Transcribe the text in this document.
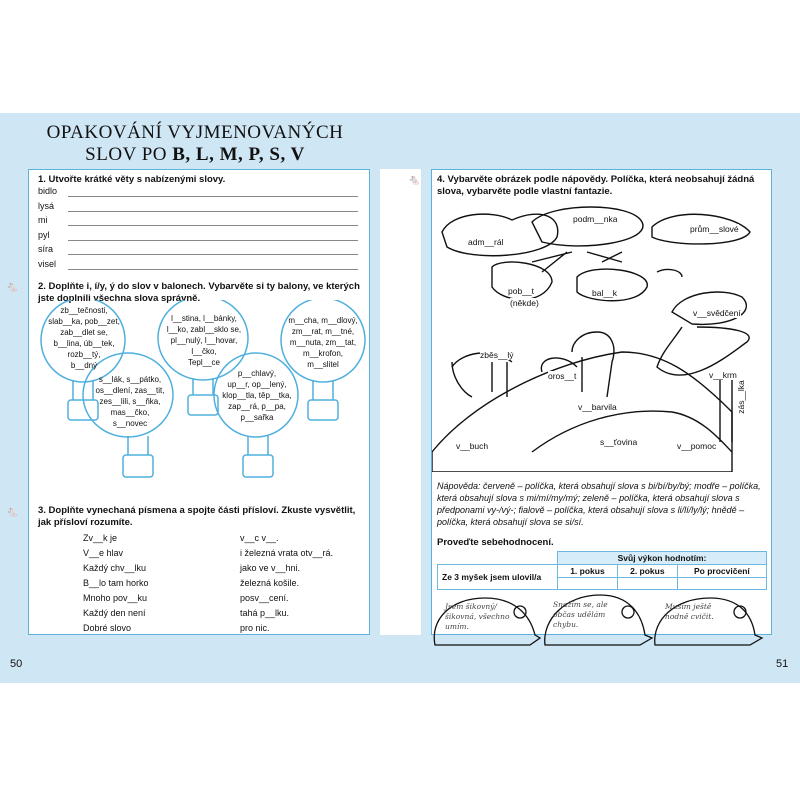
OPAKOVÁNÍ VYJMENOVANÝCH
SLOV PO B, L, M, P, S, V
1. Utvořte krátké věty s nabízenými slovy.
bidlo
lysá
mi
pyl
síra
visel
🐁 2. Doplňte i, í/y, ý do slov v balonech. Vybarvěte si ty balony, ve kterých jste doplnili všechna slova správně.
zb__tečnosti,
slab__ka, pob__zet,
zab__dlet se,
b__lina, úb__tek,
rozb__tý,
b__dný
l__stina, l__bánky,
l__ko, zabl__sklo se,
pl__nulý, l__hovar,
l__čko,
Tepl__ce
m__cha, m__dlový,
zm__rat, m__tné,
m__nuta, zm__tat,
m__krofon,
m__slitel
s__lák, s__pátko,
os__dlení, zas__tit,
zes__lili, s__ňka,
mas__čko,
s__novec
p__chlavý,
up__r, op__lený,
klop__tla, těp__tka,
zap__rá, p__pa,
p__sařka
🐁 3. Doplňte vynechaná písmena a spojte části přísloví. Zkuste vysvětlit, jak přísloví rozumíte.
Zv__k je
V__e hlav
Každý chv__lku
B__lo tam horko
Mnoho pov__ku
Každý den není
Dobré slovo
v__c v__.
i železná vrata otv__rá.
jako ve v__hni.
železná košile.
posv__cení.
tahá p__lku.
pro nic.
🐁 4. Vybarvěte obrázek podle nápovědy. Políčka, která neobsahují žádná slova, vybarvěte podle vlastní fantazie.
podm__nka
adm__rál
prům__slové
pob__t
(někde)
bal__k
v__svědčení
zběs__lý
oros__t	v__krm
v__barvila	zás__lka
v__buch	s__ťovina	v__pomoc
Nápověda: červeně – políčka, která obsahují slova s bi/bí/by/bý; modře – políčka, která obsahují slova s mi/mí/my/mý; zeleně – políčka, která obsahují slova s předponami vy-/vý-; fialově – políčka, která obsahují slova s li/lí/ly/lý; hnědě – políčka, která obsahují slova se si/sí.
Proveďte sebehodnocení.
	Svůj výkon hodnotím:		
Ze 3 myšek jsem ulovil/a	1. pokus	2. pokus	Po procvičení

Jsem šikovný/šikovná, všechno umím.
Snažím se, ale občas udělám chybu.
Musím ještě hodně cvičit.
50	51
